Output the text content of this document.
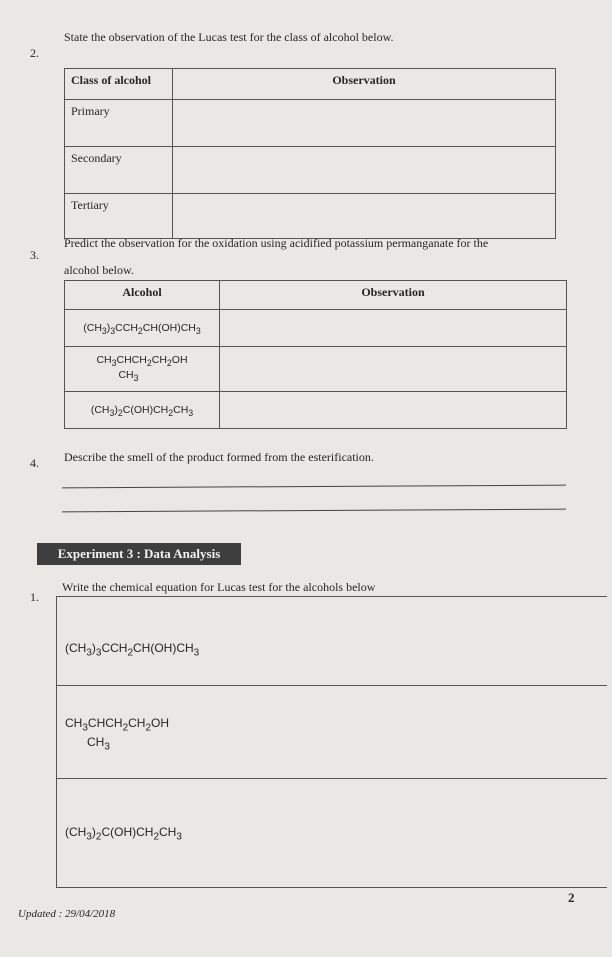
2.
State the observation of the Lucas test for the class of alcohol below.
Class of alcohol	Observation
Primary	
Secondary	
Tertiary	
3.
Predict the observation for the oxidation using acidified potassium permanganate for the
alcohol below.
Alcohol	Observation
$(CH_3)_3CCH_2CH(OH)CH_3$	
$CH_3CHCH_2CH_2OH$
$CH_3$	
$(CH_3)_2C(OH)CH_2CH_3$	
4. Describe the smell of the product formed from the esterification.
Experiment 3 : Data Analysis
1.
Write the chemical equation for Lucas test for the alcohols below
$(CH_3)_3CCH_2CH(OH)CH_3$
$CH_3CHCH_2CH_2OH$
$CH_3$
$(CH_3)_2C(OH)CH_2CH_3$
2
Updated : 29/04/2018
